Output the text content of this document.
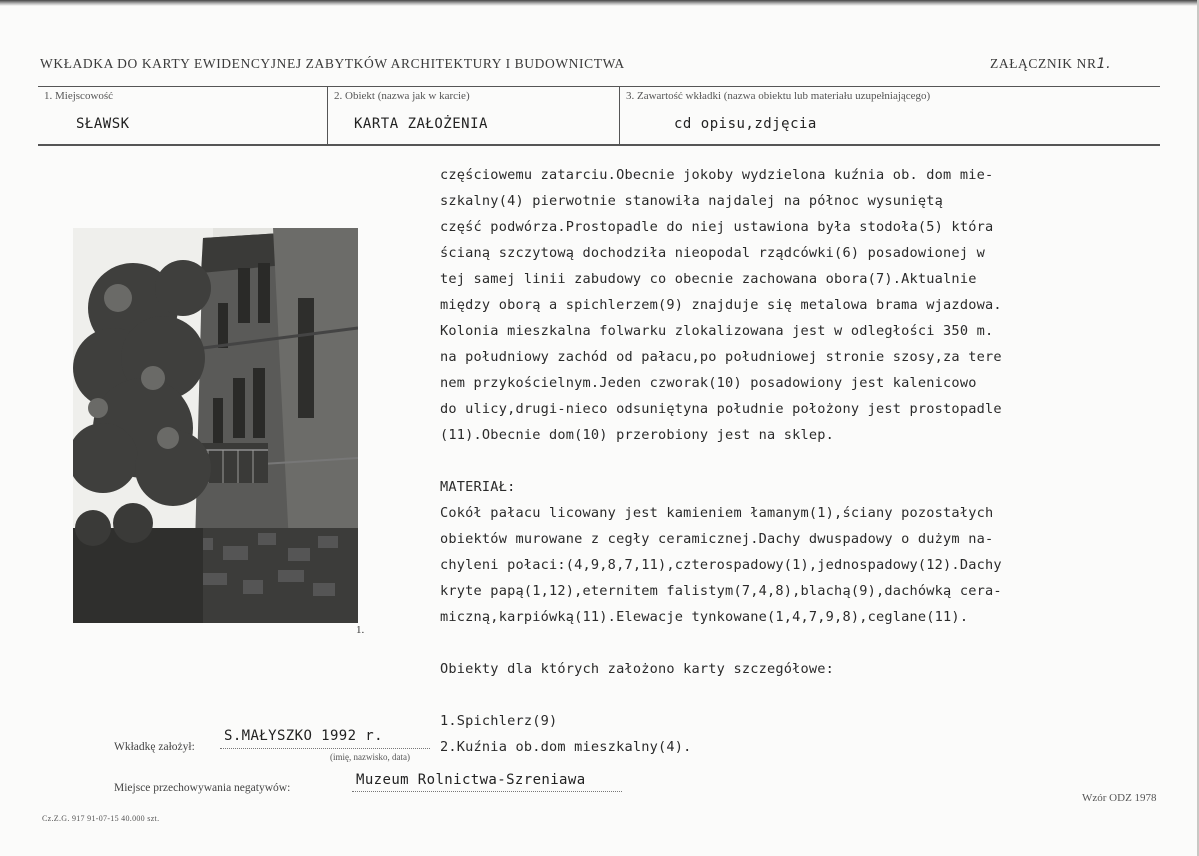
WKŁADKA DO KARTY EWIDENCYJNEJ ZABYTKÓW ARCHITEKTURY I BUDOWNICTWA	ZAŁĄCZNIK NR1.
1. Miejscowość
SŁAWSK
2. Obiekt (nazwa jak w karcie)
KARTA ZAŁOŻENIA
3. Zawartość wkładki (nazwa obiektu lub materiału uzupełniającego)
cd opisu,zdjęcia
1.
częściowemu zatarciu.Obecnie jokoby wydzielona kuźnia ob. dom mie-
szkalny(4) pierwotnie stanowiła najdalej na północ wysuniętą
część podwórza.Prostopadle do niej ustawiona była stodoła(5) która
ścianą szczytową dochodziła nieopodal rządcówki(6) posadowionej w
tej samej linii zabudowy co obecnie zachowana obora(7).Aktualnie
między oborą a spichlerzem(9) znajduje się metalowa brama wjazdowa.
Kolonia mieszkalna folwarku zlokalizowana jest w odległości 350 m.
na południowy zachód od pałacu,po południowej stronie szosy,za tere
nem przykościelnym.Jeden czworak(10) posadowiony jest kalenicowo
do ulicy,drugi-nieco odsuniętyna południe położony jest prostopadle
(11).Obecnie dom(10) przerobiony jest na sklep.
MATERIAŁ:
Cokół pałacu licowany jest kamieniem łamanym(1),ściany pozostałych
obiektów murowane z cegły ceramicznej.Dachy dwuspadowy o dużym na-
chyleni połaci:(4,9,8,7,11),czterospadowy(1),jednospadowy(12).Dachy
kryte papą(1,12),eternitem falistym(7,4,8),blachą(9),dachówką cera-
miczną,karpiówką(11).Elewacje tynkowane(1,4,7,9,8),ceglane(11).
Obiekty dla których założono karty szczegółowe:
1.Spichlerz(9)
2.Kuźnia ob.dom mieszkalny(4).
Wkładkę założył:
S.MAŁYSZKO 1992 r.
(imię, nazwisko, data)
Miejsce przechowywania negatywów:	Muzeum Rolnictwa-Szreniawa
Cz.Z.G. 917 91-07-15 40.000 szt.
Wzór ODZ 1978
